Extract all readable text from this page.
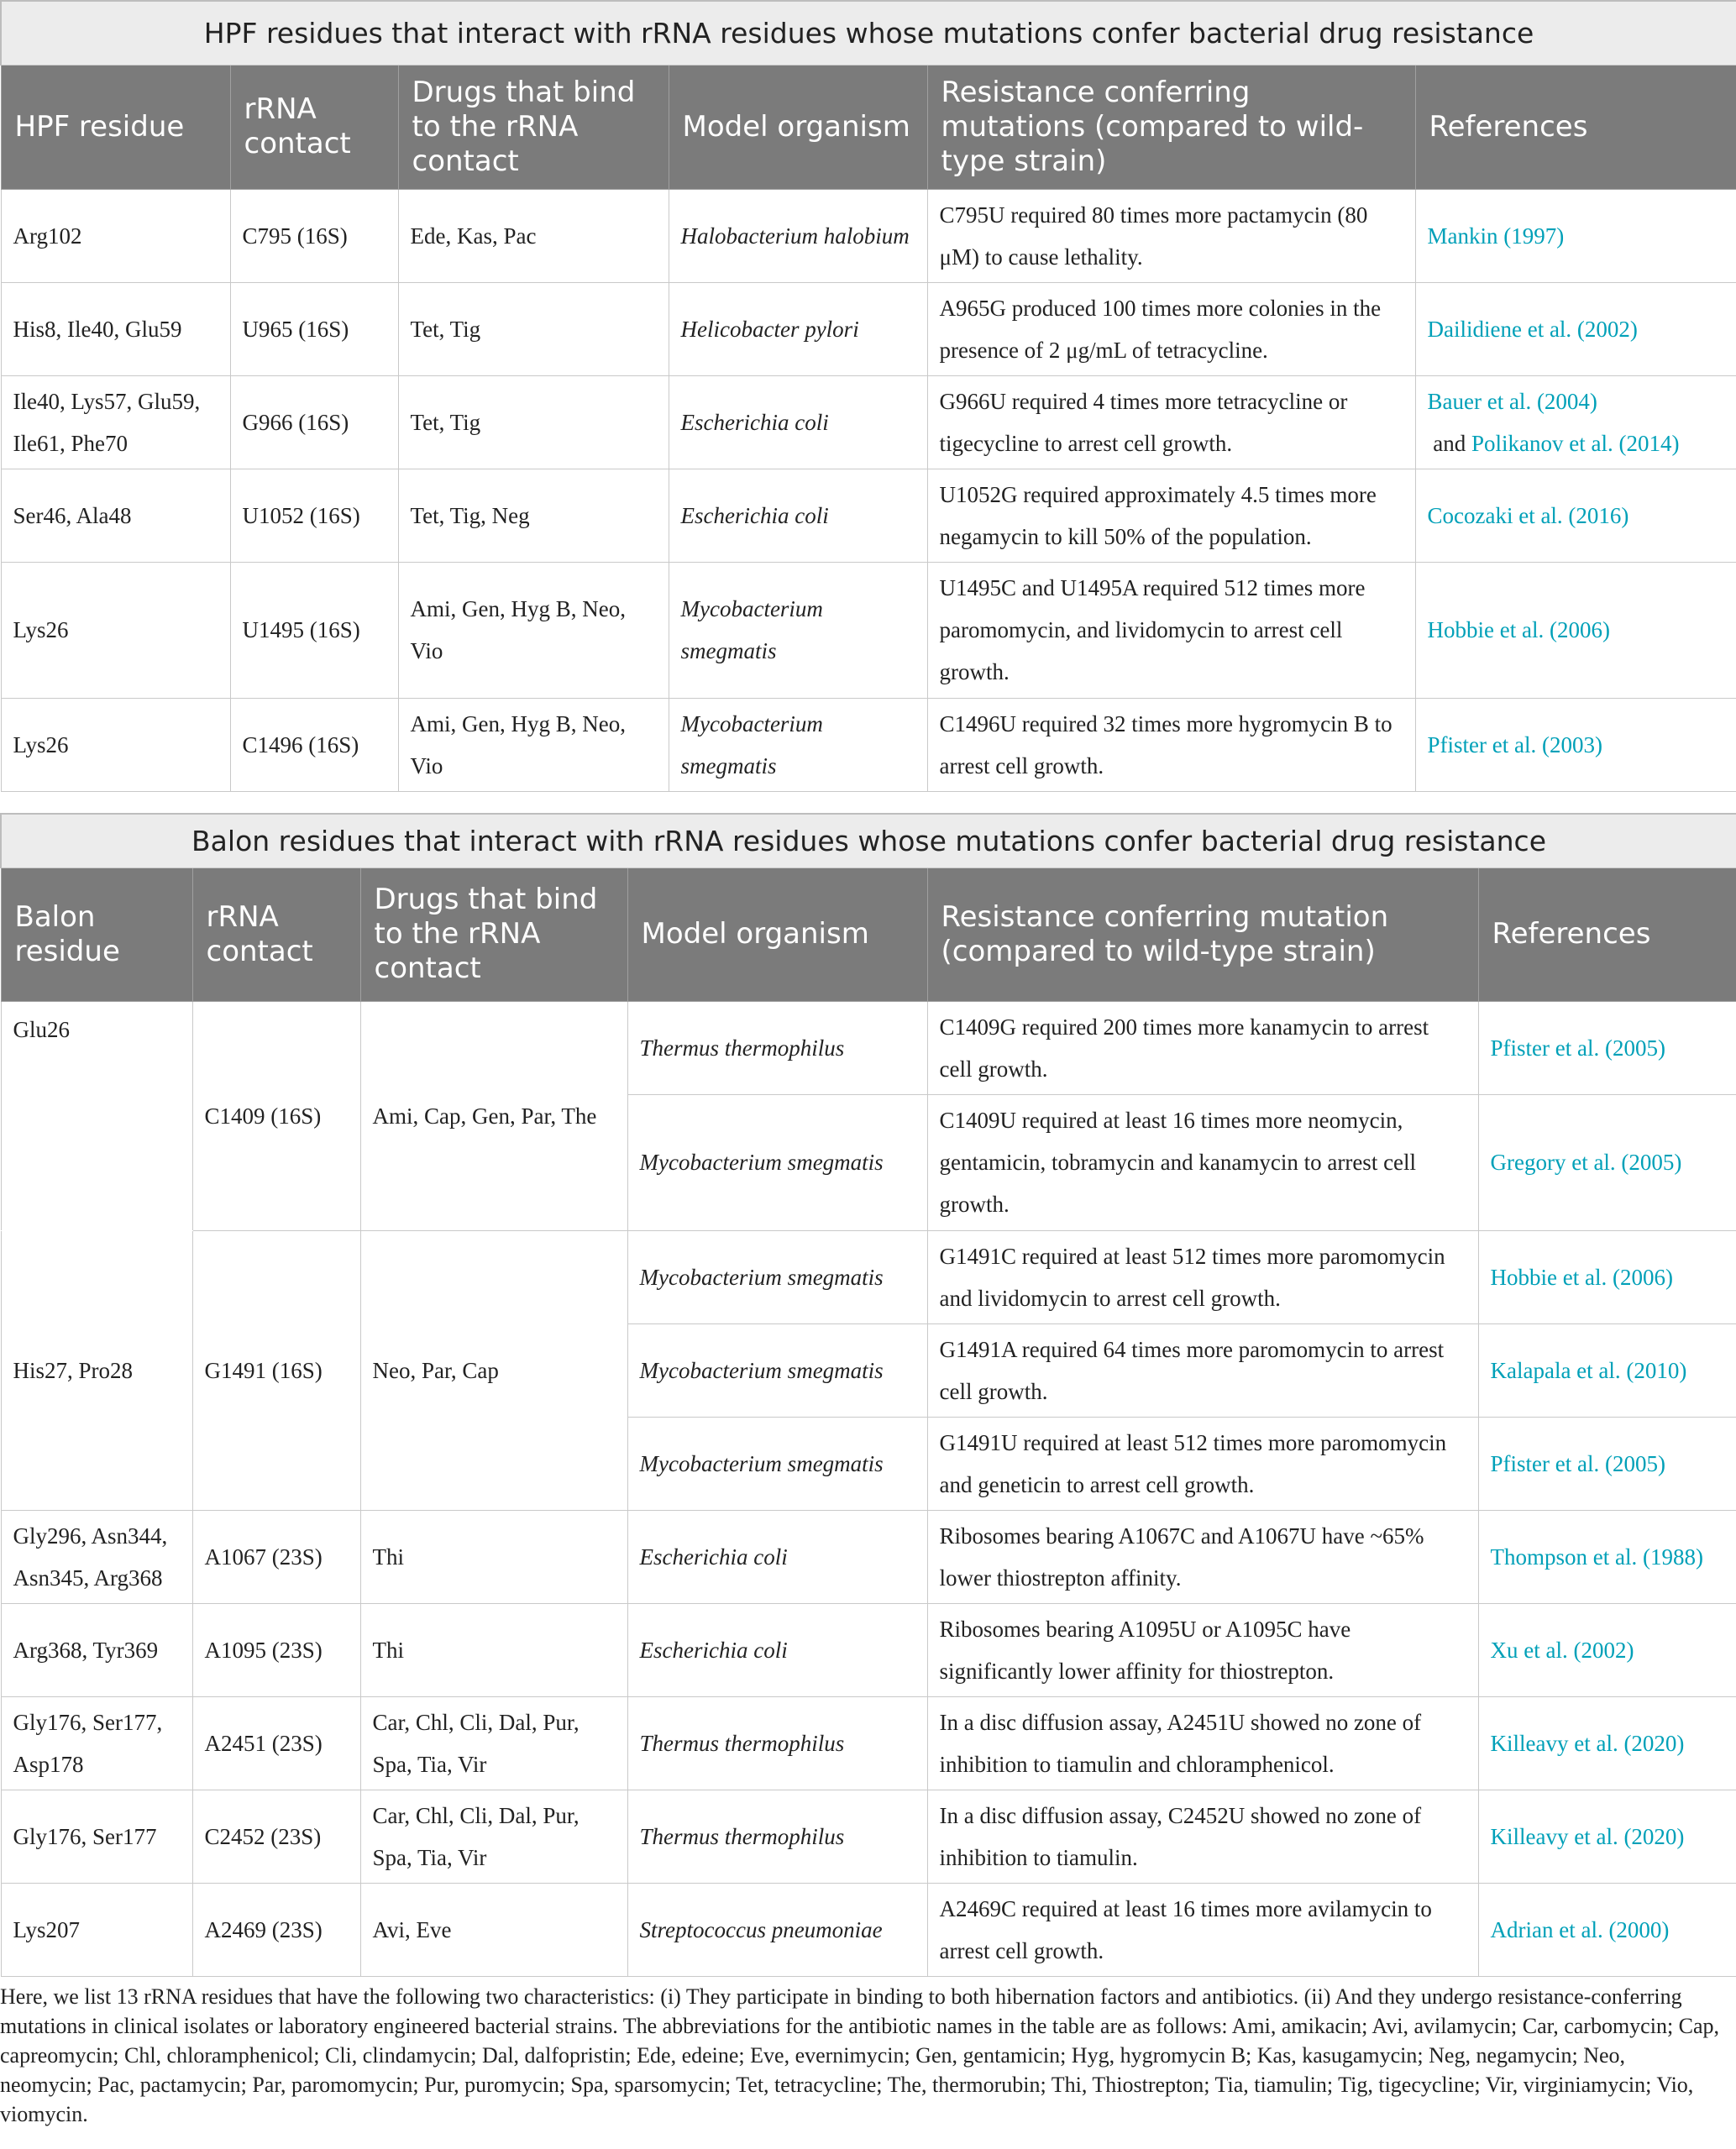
HPF residues that interact with rRNA residues whose mutations confer bacterial drug resistance					
HPF residue	rRNA contact	Drugs that bind to the rRNA contact	Model organism	Resistance conferring mutations (compared to wild-type strain)	References
Arg102	C795 (16S)	Ede, Kas, Pac	Halobacterium halobium	C795U required 80 times more pactamycin (80 μM) to cause lethality.	Mankin (1997)
His8, Ile40, Glu59	U965 (16S)	Tet, Tig	Helicobacter pylori	A965G produced 100 times more colonies in the presence of 2 μg/mL of tetracycline.	Dailidiene et al. (2002)
Ile40, Lys57, Glu59, Ile61, Phe70	G966 (16S)	Tet, Tig	Escherichia coli	G966U required 4 times more tetracycline or tigecycline to arrest cell growth.	Bauer et al. (2004) and Polikanov et al. (2014)
Ser46, Ala48	U1052 (16S)	Tet, Tig, Neg	Escherichia coli	U1052G required approximately 4.5 times more negamycin to kill 50% of the population.	Cocozaki et al. (2016)
Lys26	U1495 (16S)	Ami, Gen, Hyg B, Neo, Vio	Mycobacterium smegmatis	U1495C and U1495A required 512 times more paromomycin, and lividomycin to arrest cell growth.	Hobbie et al. (2006)
Lys26	C1496 (16S)	Ami, Gen, Hyg B, Neo, Vio	Mycobacterium smegmatis	C1496U required 32 times more hygromycin B to arrest cell growth.	Pfister et al. (2003)
Balon residues that interact with rRNA residues whose mutations confer bacterial drug resistance					
Balon residue	rRNA contact	Drugs that bind to the rRNA contact	Model organism	Resistance conferring mutation (compared to wild-type strain)	References
Glu26	C1409 (16S)	Ami, Cap, Gen, Par, The	Thermus thermophilus	C1409G required 200 times more kanamycin to arrest cell growth.	Pfister et al. (2005)
			Mycobacterium smegmatis	C1409U required at least 16 times more neomycin, gentamicin, tobramycin and kanamycin to arrest cell growth.	Gregory et al. (2005)
His27, Pro28	G1491 (16S)	Neo, Par, Cap	Mycobacterium smegmatis	G1491C required at least 512 times more paromomycin and lividomycin to arrest cell growth.	Hobbie et al. (2006)
			Mycobacterium smegmatis	G1491A required 64 times more paromomycin to arrest cell growth.	Kalapala et al. (2010)
			Mycobacterium smegmatis	G1491U required at least 512 times more paromomycin and geneticin to arrest cell growth.	Pfister et al. (2005)
Gly296, Asn344, Asn345, Arg368	A1067 (23S)	Thi	Escherichia coli	Ribosomes bearing A1067C and A1067U have ~65% lower thiostrepton affinity.	Thompson et al. (1988)
Arg368, Tyr369	A1095 (23S)	Thi	Escherichia coli	Ribosomes bearing A1095U or A1095C have significantly lower affinity for thiostrepton.	Xu et al. (2002)
Gly176, Ser177, Asp178	A2451 (23S)	Car, Chl, Cli, Dal, Pur, Spa, Tia, Vir	Thermus thermophilus	In a disc diffusion assay, A2451U showed no zone of inhibition to tiamulin and chloramphenicol.	Killeavy et al. (2020)
Gly176, Ser177	C2452 (23S)	Car, Chl, Cli, Dal, Pur, Spa, Tia, Vir	Thermus thermophilus	In a disc diffusion assay, C2452U showed no zone of inhibition to tiamulin.	Killeavy et al. (2020)
Lys207	A2469 (23S)	Avi, Eve	Streptococcus pneumoniae	A2469C required at least 16 times more avilamycin to arrest cell growth.	Adrian et al. (2000)

Here, we list 13 rRNA residues that have the following two characteristics: (i) They participate in binding to both hibernation factors and antibiotics. (ii) And they undergo resistance-conferring mutations in clinical isolates or laboratory engineered bacterial strains. The abbreviations for the antibiotic names in the table are as follows: Ami, amikacin; Avi, avilamycin; Car, carbomycin; Cap, capreomycin; Chl, chloramphenicol; Cli, clindamycin; Dal, dalfopristin; Ede, edeine; Eve, evernimycin; Gen, gentamicin; Hyg, hygromycin B; Kas, kasugamycin; Neg, negamycin; Neo, neomycin; Pac, pactamycin; Par, paromomycin; Pur, puromycin; Spa, sparsomycin; Tet, tetracycline; The, thermorubin; Thi, Thiostrepton; Tia, tiamulin; Tig, tigecycline; Vir, virginiamycin; Vio, viomycin.
